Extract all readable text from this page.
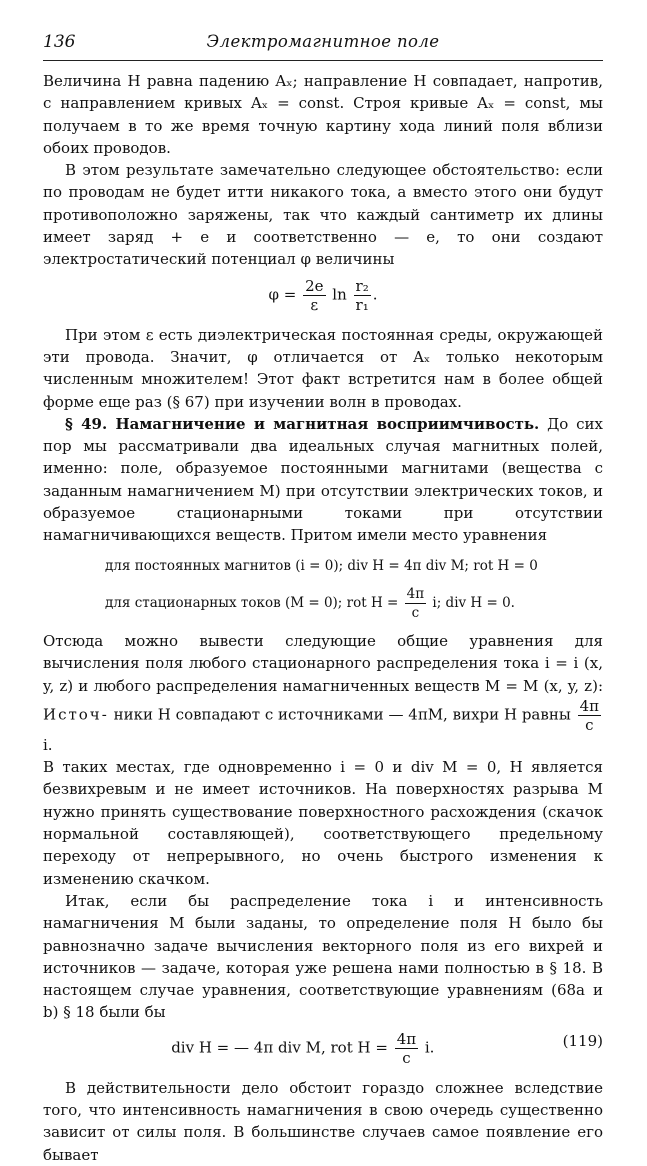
136	Электромагнитное поле

Величина H равна падению Aₓ; направление H совпадает, напротив, с направлением кривых Aₓ = const. Строя кривые Aₓ = const, мы получаем в то же время точную картину хода линий поля вблизи обоих проводов.

В этом результате замечательно следующее обстоятельство: если по проводам не будет итти никакого тока, а вместо этого они будут противоположно заряжены, так что каждый сантиметр их длины имеет заряд + e и соответственно — e, то они создают электростатический потенциал φ величины

$\varphi = \frac{2e}{\varepsilon}$ $\ln \frac{\text{r₂}}{\text{r₁}}$ .

При этом ε есть диэлектрическая постоянная среды, окружающей эти провода. Значит, φ отличается от Aₓ только некоторым численным множителем! Этот факт встретится нам в более общей форме еще раз (§ 67) при изучении волн в проводах.

§ 49. Намагничение и магнитная восприимчивость. До сих пор мы рассматривали два идеальных случая магнитных полей, именно: поле, образуемое постоянными магнитами (вещества с заданным намагничением M) при отсутствии электрических токов, и образуемое стационарными токами при отсутствии намагничивающихся веществ. Притом имели место уравнения

для постоянных магнитов (i = 0); div H = 4π div M; rot H = 0
для стационарных токов (M = 0); rot $H = \frac{4\pi}{c} i$; div H = 0.

Отсюда можно вывести следующие общие уравнения для вычисления поля любого стационарного распределения тока i = i (x, y, z) и любого распределения намагниченных веществ M = M (x, y, z): Источ- ники H совпадают с источниками — 4πM, вихри H равны $\frac{4\pi}{c}$
i.

В таких местах, где одновременно i = 0 и div M = 0, H является безвихревым и не имеет источников. На поверхностях разрыва M нужно принять существование поверхностного расхождения (скачок нормальной составляющей), соответствующего предельному переходу от непрерывного, но очень быстрого изменения к изменению скачком.

Итак, если бы распределение тока i и интенсивность намагничения M были заданы, то определение поля H было бы равнозначно задаче вычисления векторного поля из его вихрей и источников — задаче, которая уже решена нами полностью в § 18. В настоящем случае уравнения, соответствующие уравнениям (68a и b) § 18 были бы

div H = — 4π div M, rot $H = \frac{4\pi}{c} i$.	(119)

В действительности дело обстоит гораздо сложнее вследствие того, что интенсивность намагничения в свою очередь существенно зависит от силы поля. В большинстве случаев самое появление его бывает
